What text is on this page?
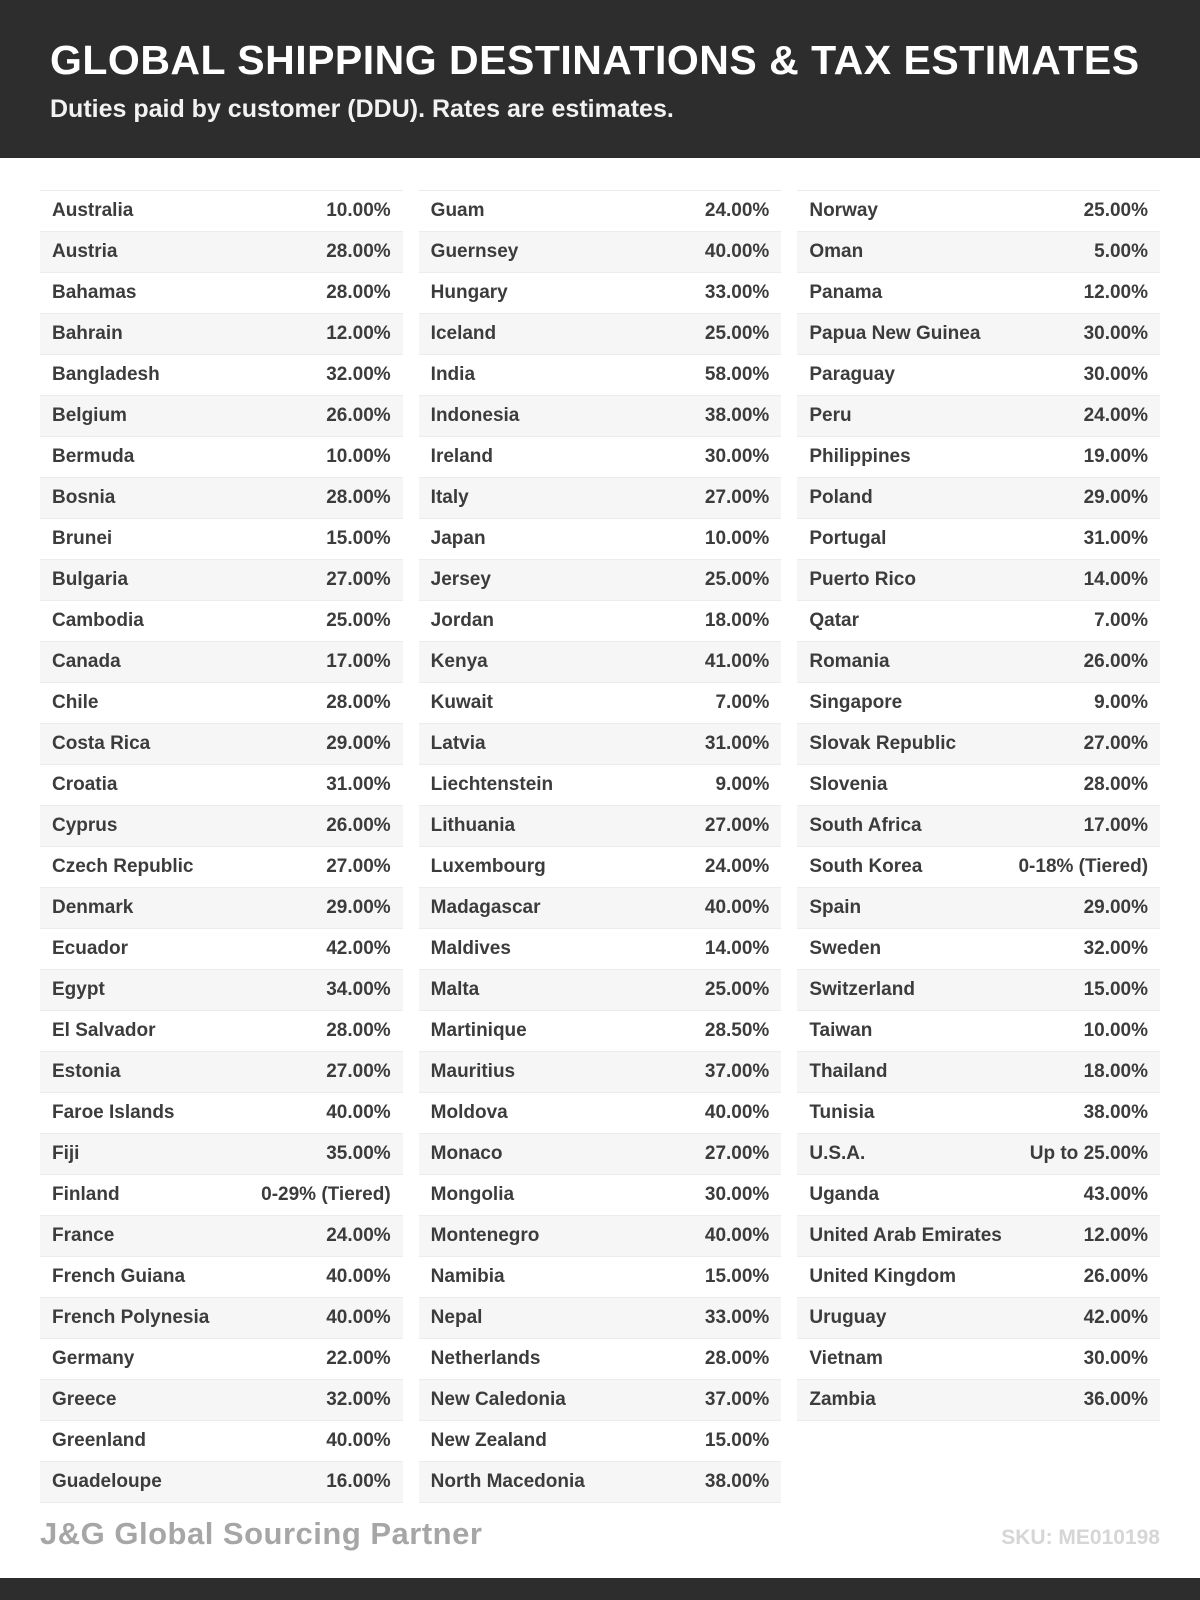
GLOBAL SHIPPING DESTINATIONS & TAX ESTIMATES
Duties paid by customer (DDU). Rates are estimates.
Australia	10.00%
Austria	28.00%
Bahamas	28.00%
Bahrain	12.00%
Bangladesh	32.00%
Belgium	26.00%
Bermuda	10.00%
Bosnia	28.00%
Brunei	15.00%
Bulgaria	27.00%
Cambodia	25.00%
Canada	17.00%
Chile	28.00%
Costa Rica	29.00%
Croatia	31.00%
Cyprus	26.00%
Czech Republic	27.00%
Denmark	29.00%
Ecuador	42.00%
Egypt	34.00%
El Salvador	28.00%
Estonia	27.00%
Faroe Islands	40.00%
Fiji	35.00%
Finland	0-29% (Tiered)
France	24.00%
French Guiana	40.00%
French Polynesia	40.00%
Germany	22.00%
Greece	32.00%
Greenland	40.00%
Guadeloupe	16.00%
Guam	24.00%
Guernsey	40.00%
Hungary	33.00%
Iceland	25.00%
India	58.00%
Indonesia	38.00%
Ireland	30.00%
Italy	27.00%
Japan	10.00%
Jersey	25.00%
Jordan	18.00%
Kenya	41.00%
Kuwait	7.00%
Latvia	31.00%
Liechtenstein	9.00%
Lithuania	27.00%
Luxembourg	24.00%
Madagascar	40.00%
Maldives	14.00%
Malta	25.00%
Martinique	28.50%
Mauritius	37.00%
Moldova	40.00%
Monaco	27.00%
Mongolia	30.00%
Montenegro	40.00%
Namibia	15.00%
Nepal	33.00%
Netherlands	28.00%
New Caledonia	37.00%
New Zealand	15.00%
North Macedonia	38.00%
Norway	25.00%
Oman	5.00%
Panama	12.00%
Papua New Guinea	30.00%
Paraguay	30.00%
Peru	24.00%
Philippines	19.00%
Poland	29.00%
Portugal	31.00%
Puerto Rico	14.00%
Qatar	7.00%
Romania	26.00%
Singapore	9.00%
Slovak Republic	27.00%
Slovenia	28.00%
South Africa	17.00%
South Korea	0-18% (Tiered)
Spain	29.00%
Sweden	32.00%
Switzerland	15.00%
Taiwan	10.00%
Thailand	18.00%
Tunisia	38.00%
U.S.A.	Up to 25.00%
Uganda	43.00%
United Arab Emirates	12.00%
United Kingdom	26.00%
Uruguay	42.00%
Vietnam	30.00%
Zambia	36.00%
J&G Global Sourcing Partner	SKU: ME010198
